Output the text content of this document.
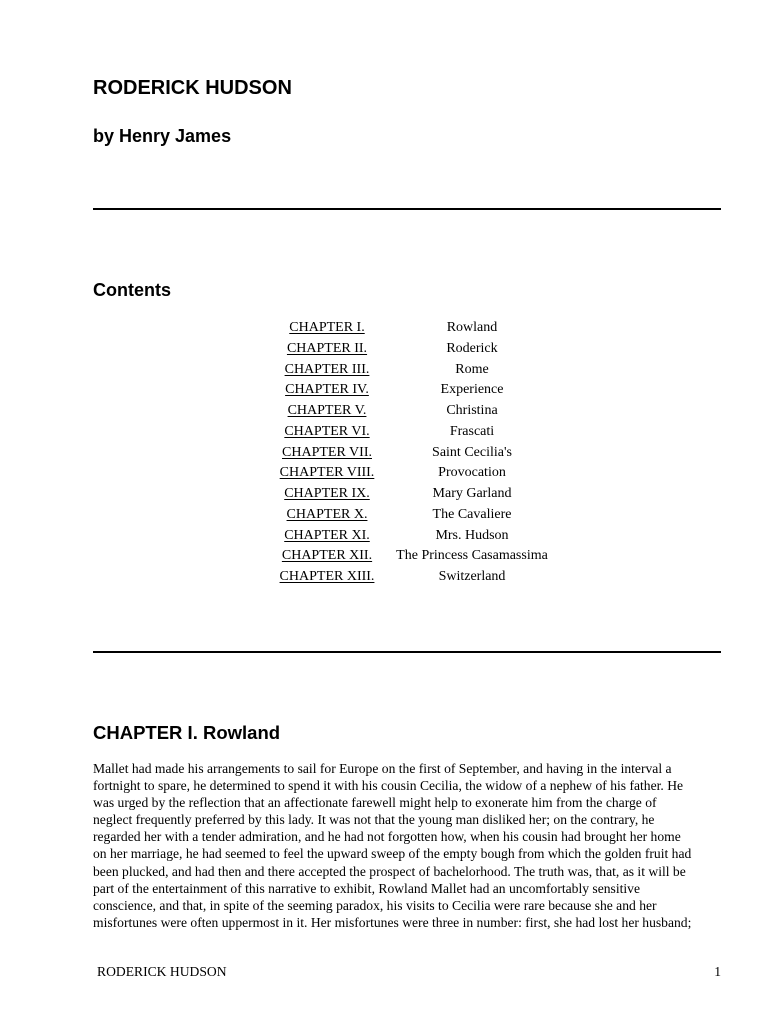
RODERICK HUDSON
by Henry James
Contents
CHAPTER I.	Rowland
CHAPTER II.	Roderick
CHAPTER III.	Rome
CHAPTER IV.	Experience
CHAPTER V.	Christina
CHAPTER VI.	Frascati
CHAPTER VII.	Saint Cecilia's
CHAPTER VIII.	Provocation
CHAPTER IX.	Mary Garland
CHAPTER X.	The Cavaliere
CHAPTER XI.	Mrs. Hudson
CHAPTER XII.	The Princess Casamassima
CHAPTER XIII.	Switzerland
CHAPTER I. Rowland

Mallet had made his arrangements to sail for Europe on the first of September, and having in the interval a
fortnight to spare, he determined to spend it with his cousin Cecilia, the widow of a nephew of his father. He
was urged by the reflection that an affectionate farewell might help to exonerate him from the charge of
neglect frequently preferred by this lady. It was not that the young man disliked her; on the contrary, he
regarded her with a tender admiration, and he had not forgotten how, when his cousin had brought her home
on her marriage, he had seemed to feel the upward sweep of the empty bough from which the golden fruit had
been plucked, and had then and there accepted the prospect of bachelorhood. The truth was, that, as it will be
part of the entertainment of this narrative to exhibit, Rowland Mallet had an uncomfortably sensitive
conscience, and that, in spite of the seeming paradox, his visits to Cecilia were rare because she and her
misfortunes were often uppermost in it. Her misfortunes were three in number: first, she had lost her husband;

RODERICK HUDSON	1
